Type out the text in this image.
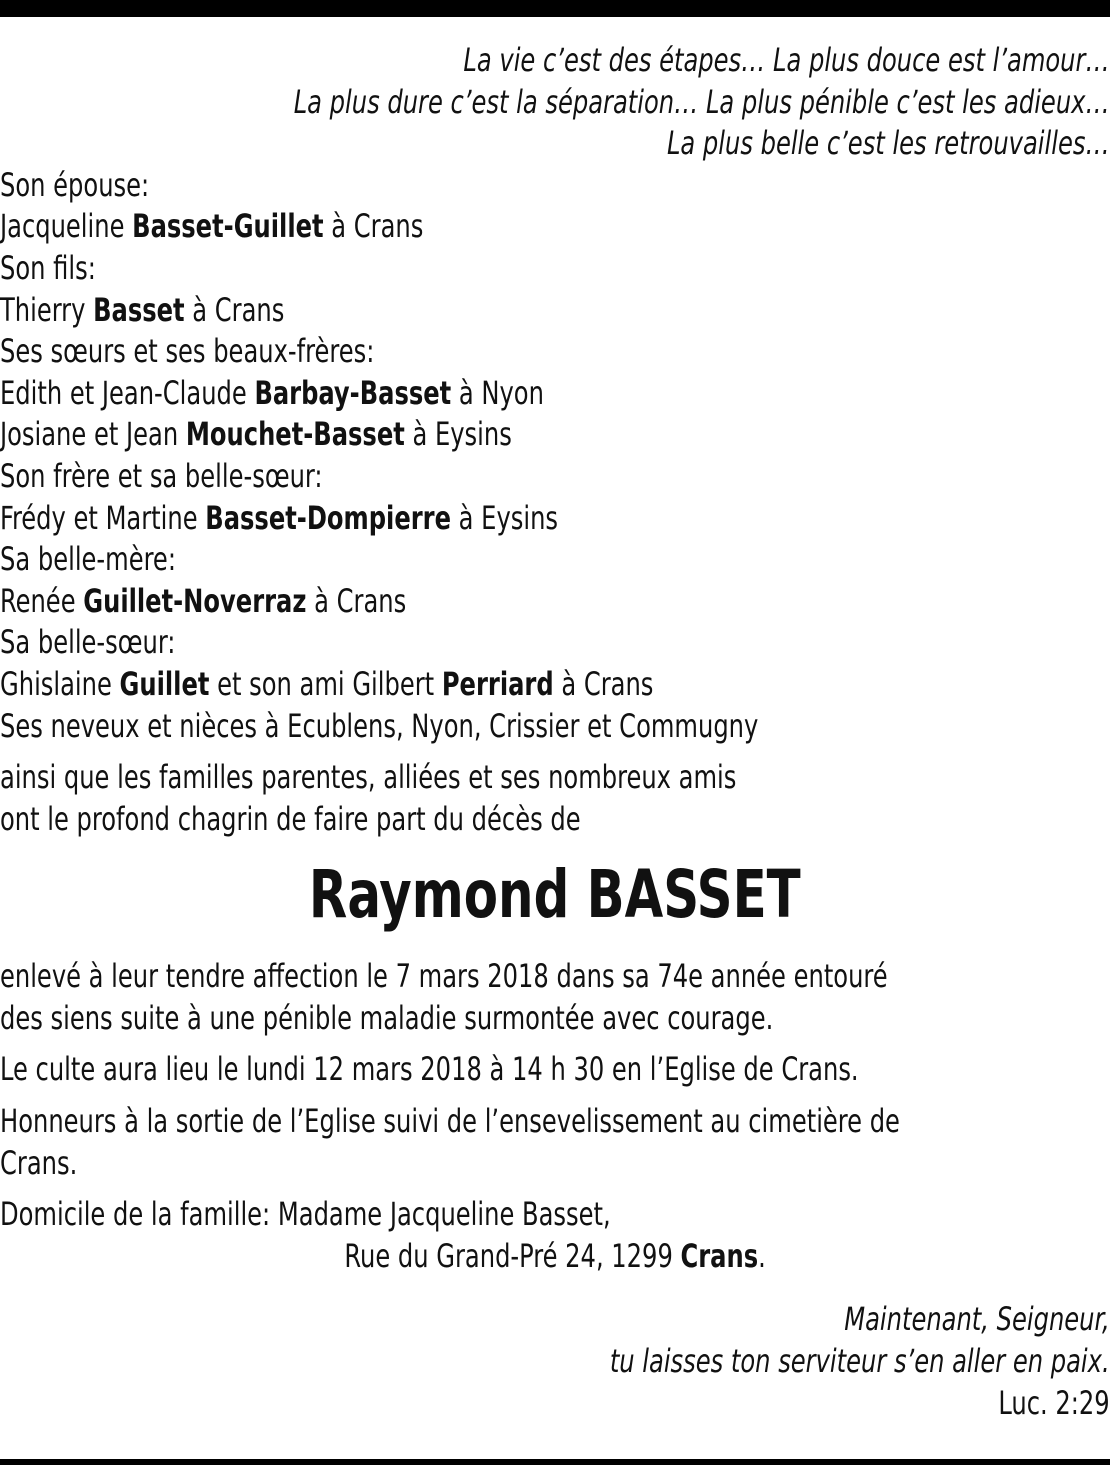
La vie c’est des étapes… La plus douce est l’amour…
La plus dure c’est la séparation… La plus pénible c’est les adieux…
La plus belle c’est les retrouvailles…
Son épouse:
Jacqueline Basset-Guillet à Crans
Son fils:
Thierry Basset à Crans
Ses sœurs et ses beaux-frères:
Edith et Jean-Claude Barbay-Basset à Nyon
Josiane et Jean Mouchet-Basset à Eysins
Son frère et sa belle-sœur:
Frédy et Martine Basset-Dompierre à Eysins
Sa belle-mère:
Renée Guillet-Noverraz à Crans
Sa belle-sœur:
Ghislaine Guillet et son ami Gilbert Perriard à Crans
Ses neveux et nièces à Ecublens, Nyon, Crissier et Commugny
ainsi que les familles parentes, alliées et ses nombreux amis
ont le profond chagrin de faire part du décès de
Raymond BASSET
enlevé à leur tendre affection le 7 mars 2018 dans sa 74e année entouré
des siens suite à une pénible maladie surmontée avec courage.
Le culte aura lieu le lundi 12 mars 2018 à 14 h 30 en l’Eglise de Crans.
Honneurs à la sortie de l’Eglise suivi de l’ensevelissement au cimetière de
Crans.
Domicile de la famille: Madame Jacqueline Basset,
Rue du Grand-Pré 24, 1299 Crans.
Maintenant, Seigneur,
tu laisses ton serviteur s’en aller en paix.
Luc. 2:29
